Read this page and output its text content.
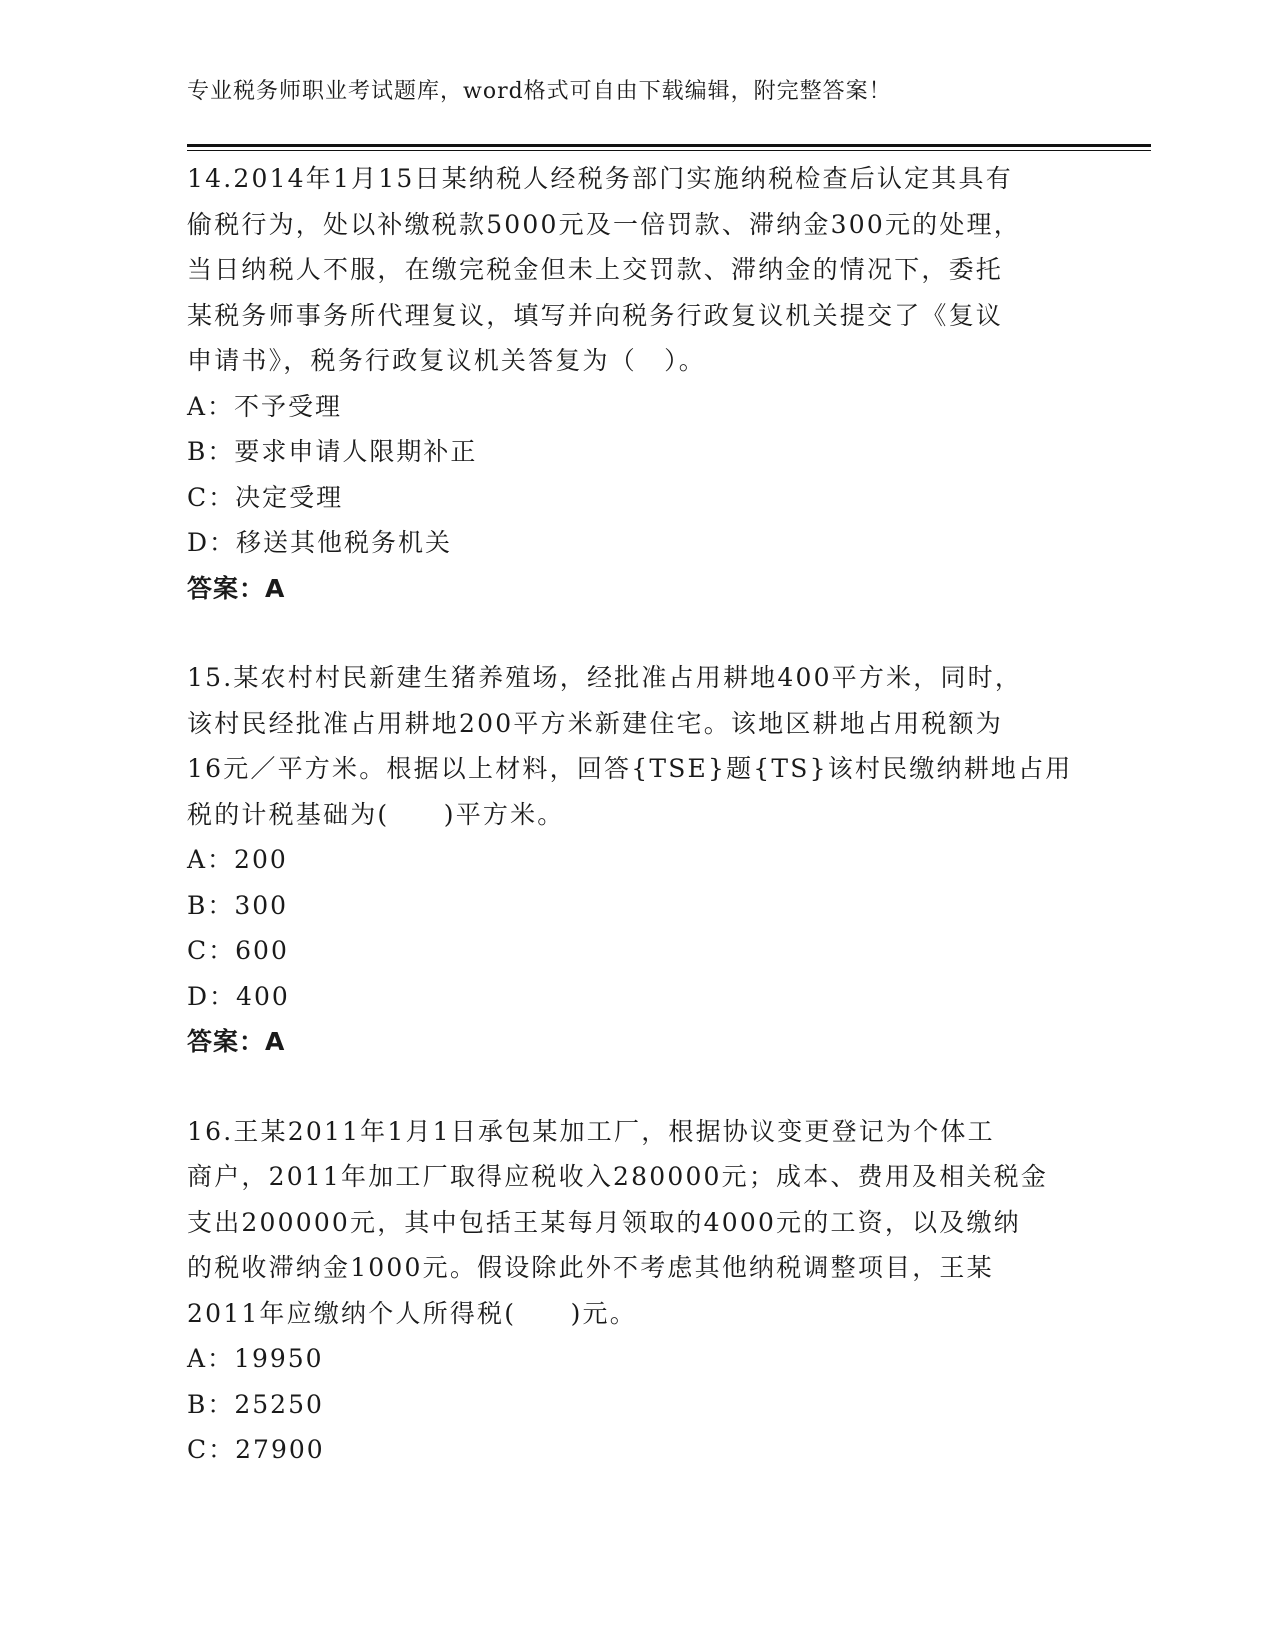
专业税务师职业考试题库，word格式可自由下载编辑，附完整答案！
14.2014年1月15日某纳税人经税务部门实施纳税检查后认定其具有
偷税行为，处以补缴税款5000元及一倍罚款、滞纳金300元的处理，
当日纳税人不服，在缴完税金但未上交罚款、滞纳金的情况下，委托
某税务师事务所代理复议，填写并向税务行政复议机关提交了《复议
申请书》，税务行政复议机关答复为（　）。
A：不予受理
B：要求申请人限期补正
C：决定受理
D：移送其他税务机关
答案：A
15.某农村村民新建生猪养殖场，经批准占用耕地400平方米，同时，
该村民经批准占用耕地200平方米新建住宅。该地区耕地占用税额为
16元／平方米。根据以上材料，回答{TSE}题{TS}该村民缴纳耕地占用
税的计税基础为(　　)平方米。
A：200
B：300
C：600
D：400
答案：A
16.王某2011年1月1日承包某加工厂，根据协议变更登记为个体工
商户，2011年加工厂取得应税收入280000元；成本、费用及相关税金
支出200000元，其中包括王某每月领取的4000元的工资，以及缴纳
的税收滞纳金1000元。假设除此外不考虑其他纳税调整项目，王某
2011年应缴纳个人所得税(　　)元。
A：19950
B：25250
C：27900
